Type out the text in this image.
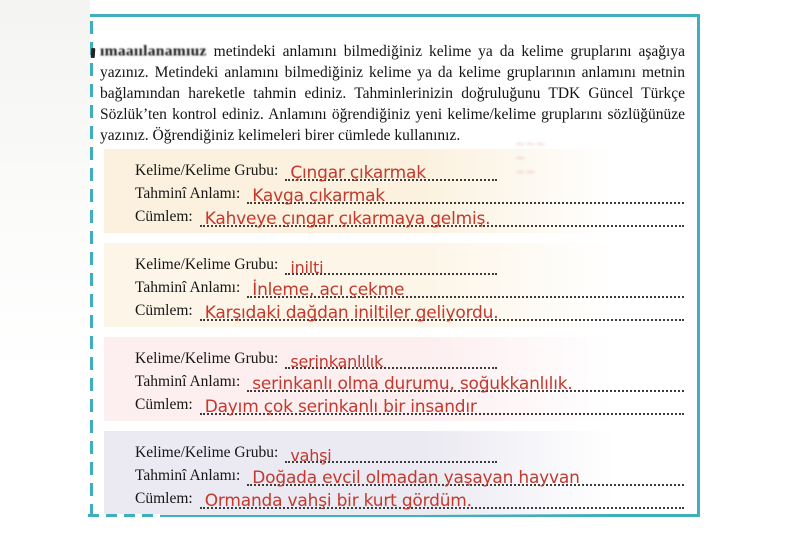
ımaaıılanamıuz metindeki anlamını bilmediğiniz kelime ya da kelime gruplarını aşağıya yazınız. Metindeki anlamını bilmediğiniz kelime ya da kelime gruplarının anlamını metnin bağlamından hareketle tahmin ediniz. Tahminlerinizin doğruluğunu TDK Güncel Türkçe Sözlük’ten kontrol ediniz. Anlamını öğrendiğiniz yeni kelime/kelime gruplarını sözlüğünüze yazınız. Öğrendiğiniz kelimeleri birer cümlede kullanınız.

Kelime/Kelime Grubu: Çıngar çıkarmak
~~~ ~ ~~
Tahminî Anlamı: Kavga çıkarmak
Cümlem: Kahveye çıngar çıkarmaya gelmiş.
Kelime/Kelime Grubu: inilti
Tahminî Anlamı: İnleme, acı çekme
Cümlem: Karşıdaki dağdan iniltiler geliyordu.
Kelime/Kelime Grubu: serinkanlılık
Tahminî Anlamı: serinkanlı olma durumu, soğukkanlılık.
Cümlem: Dayım çok serinkanlı bir insandır
Kelime/Kelime Grubu: vahşi
Tahminî Anlamı: Doğada evcil olmadan yaşayan hayvan
Cümlem: Ormanda vahşi bir kurt gördüm.
